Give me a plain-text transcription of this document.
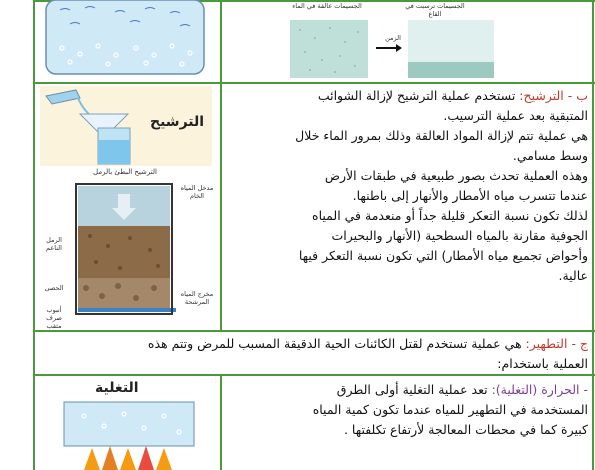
الجسيمات ترسبت في القاع
الجسيمات عالقة في الماء
الزمن
الترشيح
الترشيح البطئ بالرمل
مدخل المياه الخام
الرمل الناعم
الحصى
مخرج المياه المرشحة
أنبوب صرف مثقب
ب - الترشيح: تستخدم عملية الترشيح لإزالة الشوائب
المتبقية بعد عملية الترسيب.
هي عملية تتم لإزالة المواد العالقة وذلك بمرور الماء خلال
وسط مسامي.
وهذه العملية تحدث بصور طبيعية في طبقات الأرض
عندما تتسرب مياه الأمطار والأنهار إلى باطنها.
لذلك تكون نسبة التعكر قليلة جداً أو منعدمة في المياه
الجوفية مقارنة بالمياه السطحية (الأنهار والبحيرات
وأحواض تجميع مياه الأمطار) التي تكون نسبة التعكر فيها
عالية.
ج - التطهير: هي عملية تستخدم لقتل الكائنات الحية الدقيقة المسبب للمرض وتتم هذه
العملية باستخدام:
التغلية	- الحرارة (التغلية): تعد عملية التغلية أولى الطرق
المستخدمة في التطهير للمياه عندما تكون كمية المياه
كبيرة كما في محطات المعالجة لأرتفاع تكلفتها .
